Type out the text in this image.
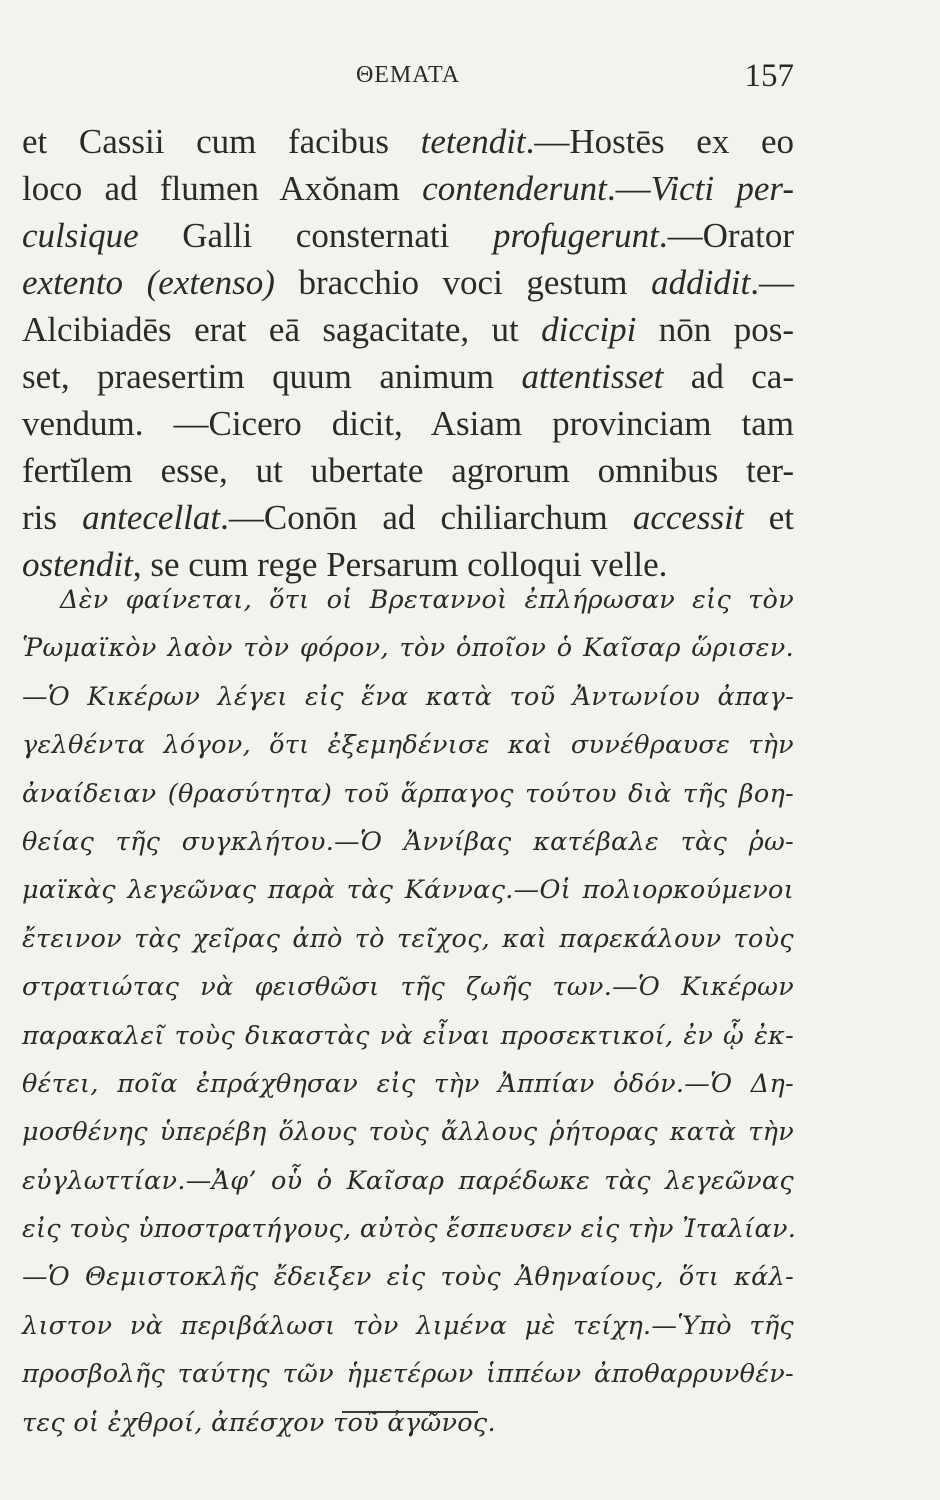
ΘΕΜΑΤΑ	157
et Cassii cum facibus tetendit.—Hostēs ex eo
loco ad flumen Axŏnam contenderunt.—Victi per-
culsique Galli consternati profugerunt.—Orator
extento (extenso) bracchio voci gestum addidit.—
Alcibiadēs erat eā sagacitate, ut diccipi nōn pos-
set, praesertim quum animum attentisset ad ca-
vendum. —Cicero dicit, Asiam provinciam tam
fertĭlem esse, ut ubertate agrorum omnibus ter-
ris antecellat.—Conōn ad chiliarchum accessit et
ostendit, se cum rege Persarum colloqui velle.
Δὲν φαίνεται, ὅτι οἱ Βρεταννοὶ ἐπλήρωσαν εἰς τὸν
Ῥωμαϊκὸν λαὸν τὸν φόρον, τὸν ὁποῖον ὁ Καῖσαρ ὥρισεν.
—Ὁ Κικέρων λέγει εἰς ἕνα κατὰ τοῦ Ἀντωνίου ἀπαγ-
γελθέντα λόγον, ὅτι ἐξεμηδένισε καὶ συνέθραυσε τὴν
ἀναίδειαν (θρασύτητα) τοῦ ἅρπαγος τούτου διὰ τῆς βοη-
θείας τῆς συγκλήτου.—Ὁ Ἀννίβας κατέβαλε τὰς ῥω-
μαϊκὰς λεγεῶνας παρὰ τὰς Κάννας.—Οἱ πολιορκούμενοι
ἔτεινον τὰς χεῖρας ἀπὸ τὸ τεῖχος, καὶ παρεκάλουν τοὺς
στρατιώτας νὰ φεισθῶσι τῆς ζωῆς των.—Ὁ Κικέρων
παρακαλεῖ τοὺς δικαστὰς νὰ εἶναι προσεκτικοί, ἐν ᾧ ἐκ-
θέτει, ποῖα ἐπράχθησαν εἰς τὴν Ἀππίαν ὁδόν.—Ὁ Δη-
μοσθένης ὑπερέβη ὅλους τοὺς ἄλλους ῥήτορας κατὰ τὴν
εὐγλωττίαν.—Ἀφ’ οὗ ὁ Καῖσαρ παρέδωκε τὰς λεγεῶνας
εἰς τοὺς ὑποστρατήγους, αὐτὸς ἔσπευσεν εἰς τὴν Ἰταλίαν.
—Ὁ Θεμιστοκλῆς ἔδειξεν εἰς τοὺς Ἀθηναίους, ὅτι κάλ-
λιστον νὰ περιβάλωσι τὸν λιμένα μὲ τείχη.—Ὑπὸ τῆς
προσβολῆς ταύτης τῶν ἡμετέρων ἱππέων ἀποθαρρυνθέν-
τες οἱ ἐχθροί, ἀπέσχον τοῦ ἀγῶνος.
